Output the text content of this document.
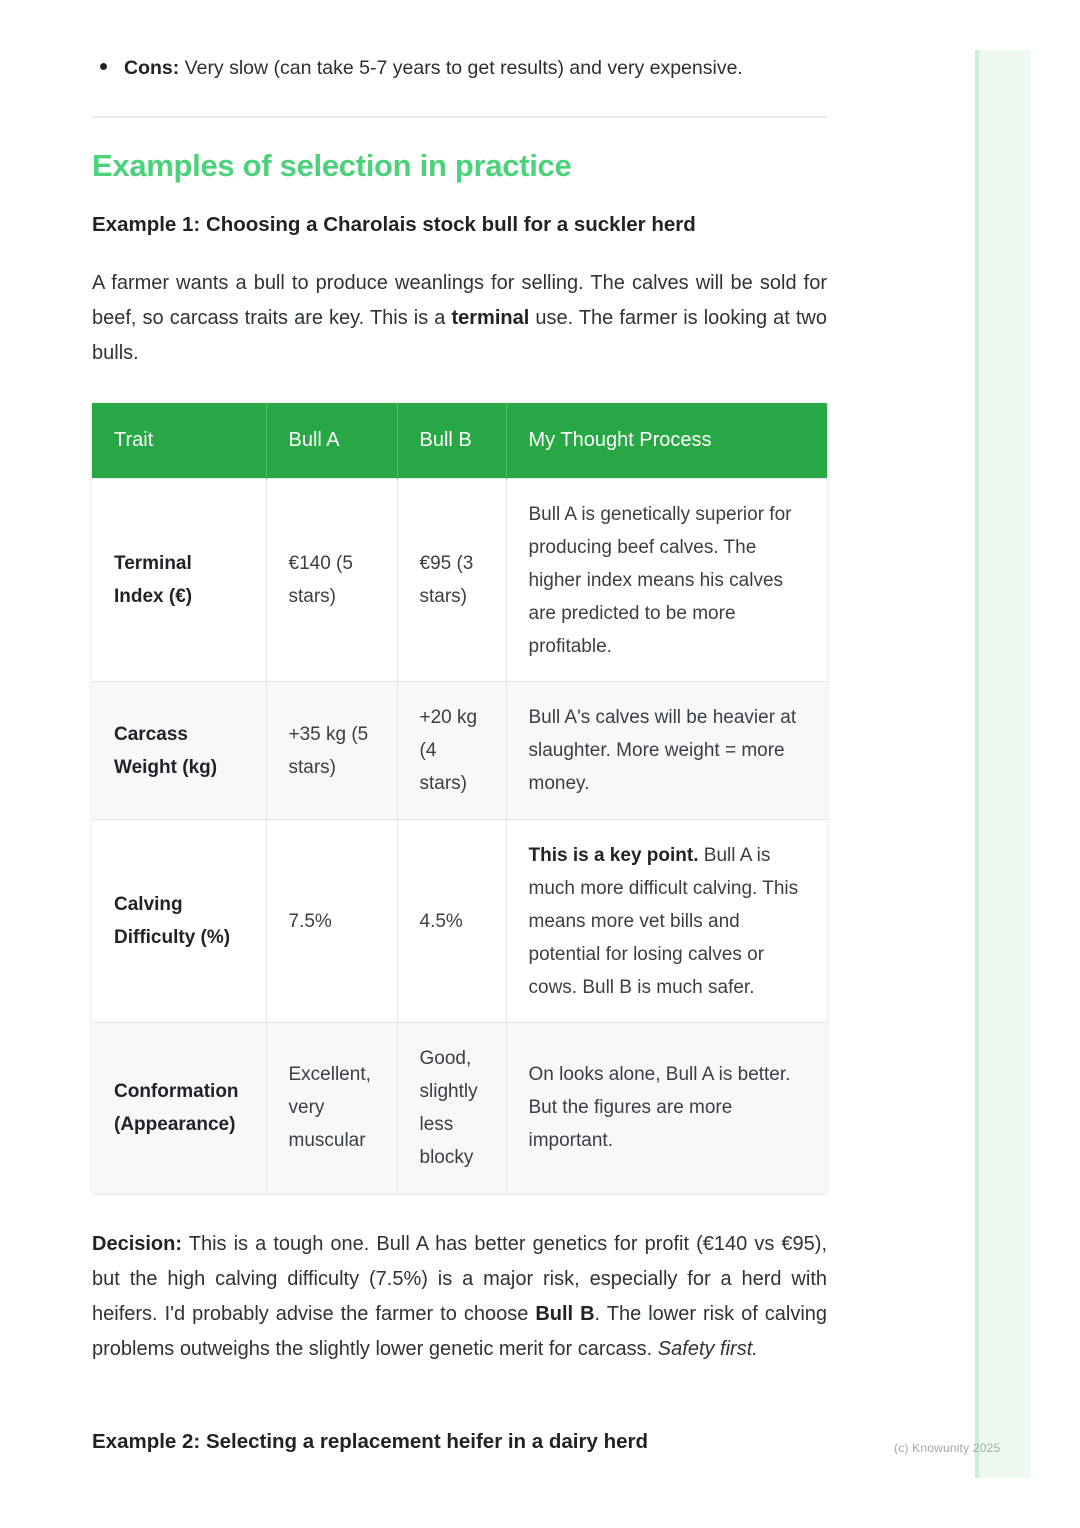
Cons: Very slow (can take 5-7 years to get results) and very expensive.
Examples of selection in practice
Example 1: Choosing a Charolais stock bull for a suckler herd

A farmer wants a bull to produce weanlings for selling. The calves will be sold for beef, so carcass traits are key. This is a terminal use. The farmer is looking at two bulls.

Trait	Bull A	Bull B	My Thought Process
Terminal Index (€)	€140 (5 stars)	€95 (3 stars)	Bull A is genetically superior for producing beef calves. The higher index means his calves are predicted to be more profitable.
Carcass Weight (kg)	+35 kg (5 stars)	+20 kg (4 stars)	Bull A's calves will be heavier at slaughter. More weight = more money.
Calving Difficulty (%)	7.5%	4.5%	This is a key point. Bull A is much more difficult calving. This means more vet bills and potential for losing calves or cows. Bull B is much safer.
Conformation (Appearance)	Excellent, very muscular	Good, slightly less blocky	On looks alone, Bull A is better. But the figures are more important.

Decision: This is a tough one. Bull A has better genetics for profit (€140 vs €95), but the high calving difficulty (7.5%) is a major risk, especially for a herd with heifers. I'd probably advise the farmer to choose Bull B. The lower risk of calving problems outweighs the slightly lower genetic merit for carcass. Safety first.

Example 2: Selecting a replacement heifer in a dairy herd	(c) Knowunity 2025
